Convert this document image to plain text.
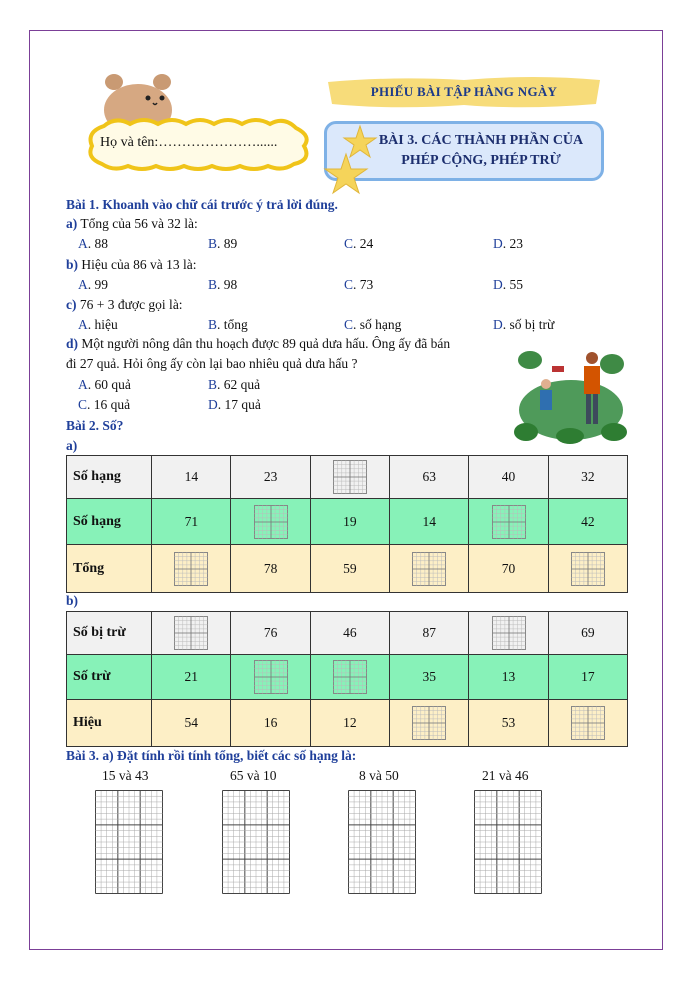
Họ và tên:…………………......
PHIẾU BÀI TẬP HÀNG NGÀY
BÀI 3. CÁC THÀNH PHẦN CỦA
PHÉP CỘNG, PHÉP TRỪ
Bài 1. Khoanh vào chữ cái trước ý trả lời đúng.
a) Tổng của 56 và 32 là:
A. 88	B. 89	C. 24	D. 23
b) Hiệu của 86 và 13 là:
A. 99	B. 98	C. 73	D. 55
c) 76 + 3 được gọi là:
A. hiệu	B. tổng	C. số hạng	D. số bị trừ
d) Một người nông dân thu hoạch được 89 quả dưa hấu. Ông ấy đã bán
đi 27 quả. Hỏi ông ấy còn lại bao nhiêu quả dưa hấu ?
A. 60 quả	B. 62 quả
C. 16 quả	D. 17 quả
Bài 2. Số?
a)
Số hạng	14	23		63	40	32
Số hạng	71		19	14		42
Tổng		78	59		70	
b)
Số bị trừ		76	46	87		69
Số trừ	21			35	13	17
Hiệu	54	16	12		53	
Bài 3. a) Đặt tính rồi tính tổng, biết các số hạng là:
15 và 43	65 và 10	8 và 50	21 và 46
